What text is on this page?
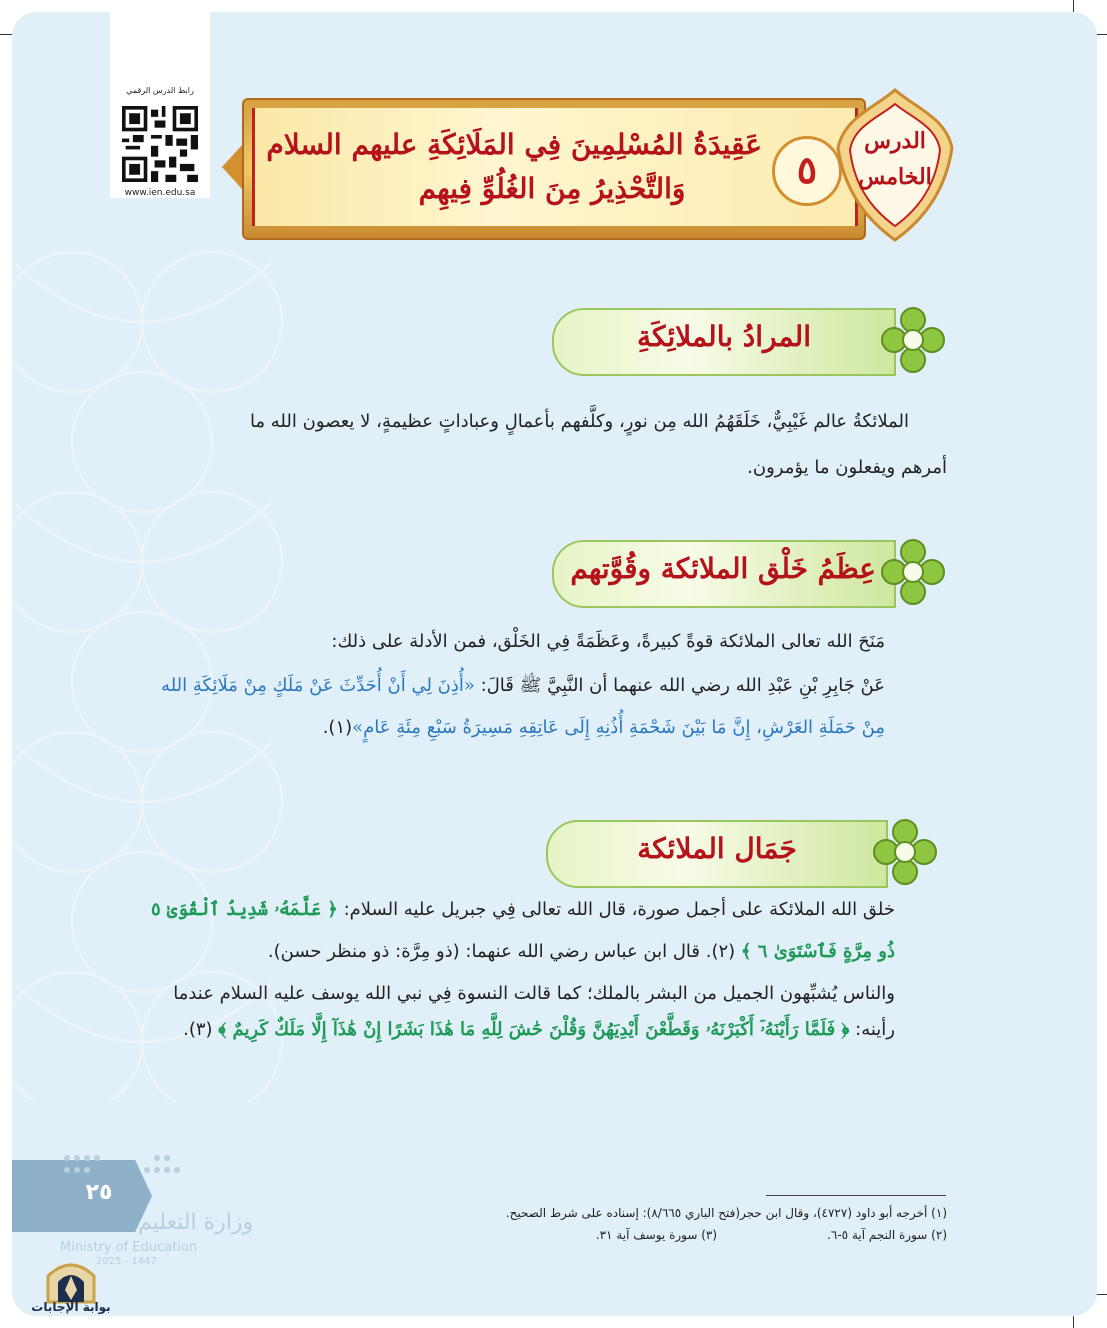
رابط الدرس الرقمي
www.ien.edu.sa
عَقِيدَةُ المُسْلِمِينَ فِي المَلَائِكَةِ عليهم السلام
وَالتَّحْذِيرُ مِنَ الغُلُوِّ فِيهِم	٥
الدرس
الخامس
المرادُ بالملائِكَةِ
الملائكةُ عالم غَيْبِيٌّ، خَلَقَهُمُ الله مِن نورٍ، وكلَّفهم بأعمالٍ وعباداتٍ عظيمةٍ، لا يعصون الله ما
أمرهم ويفعلون ما يؤمرون.
عِظَمُ خَلْق الملائكة وقُوَّتهم
مَنَحَ الله تعالى الملائكة قوةً كبيرةً، وعَظَمَةً فِي الخَلْق، فمن الأدلة على ذلك:
عَنْ جَابِرِ بْنِ عَبْدِ الله رضي الله عنهما أن النَّبِيَّ ﷺ قَالَ: «أُذِنَ لِي أَنْ أُحَدِّثَ عَنْ مَلَكٍ مِنْ مَلَائِكَةِ الله
مِنْ حَمَلَةِ العَرْشِ، إِنَّ مَا بَيْنَ شَحْمَةِ أُذُنِهِ إِلَى عَاتِقِهِ مَسِيرَةُ سَبْعِ مِئَةِ عَامٍ»(١).
جَمَال الملائكة
خلق الله الملائكة على أجمل صورة، قال الله تعالى فِي جبريل عليه السلام: ﴿ عَلَّمَهُۥ شَدِيدُ ٱلْقُوَىٰ ٥
ذُو مِرَّةٍ فَٱسْتَوَىٰ ٦ ﴾ (٢). قال ابن عباس رضي الله عنهما: (ذو مِرَّة: ذو منظر حسن).
والناس يُشبِّهون الجميل من البشر بالملك؛ كما قالت النسوة فِي نبي الله يوسف عليه السلام عندما
رأينه: ﴿ فَلَمَّا رَأَيْنَهُۥٓ أَكْبَرْنَهُۥ وَقَطَّعْنَ أَيْدِيَهُنَّ وَقُلْنَ حَٰشَ لِلَّهِ مَا هَٰذَا بَشَرًا إِنْ هَٰذَآ إِلَّا مَلَكٌ كَرِيمٌ ﴾ (٣).
(١) أخرجه أبو داود (٤٧٢٧)، وقال ابن حجر(فتح الباري ٨/٦٦٥): إسناده على شرط الصحيح.
(٢) سورة النجم آية ٥-٦.(٣) سورة يوسف آية ٣١.
٢٥
وزارة التعليم
Ministry of Education
2025 - 1447
بوابة الإجابات
